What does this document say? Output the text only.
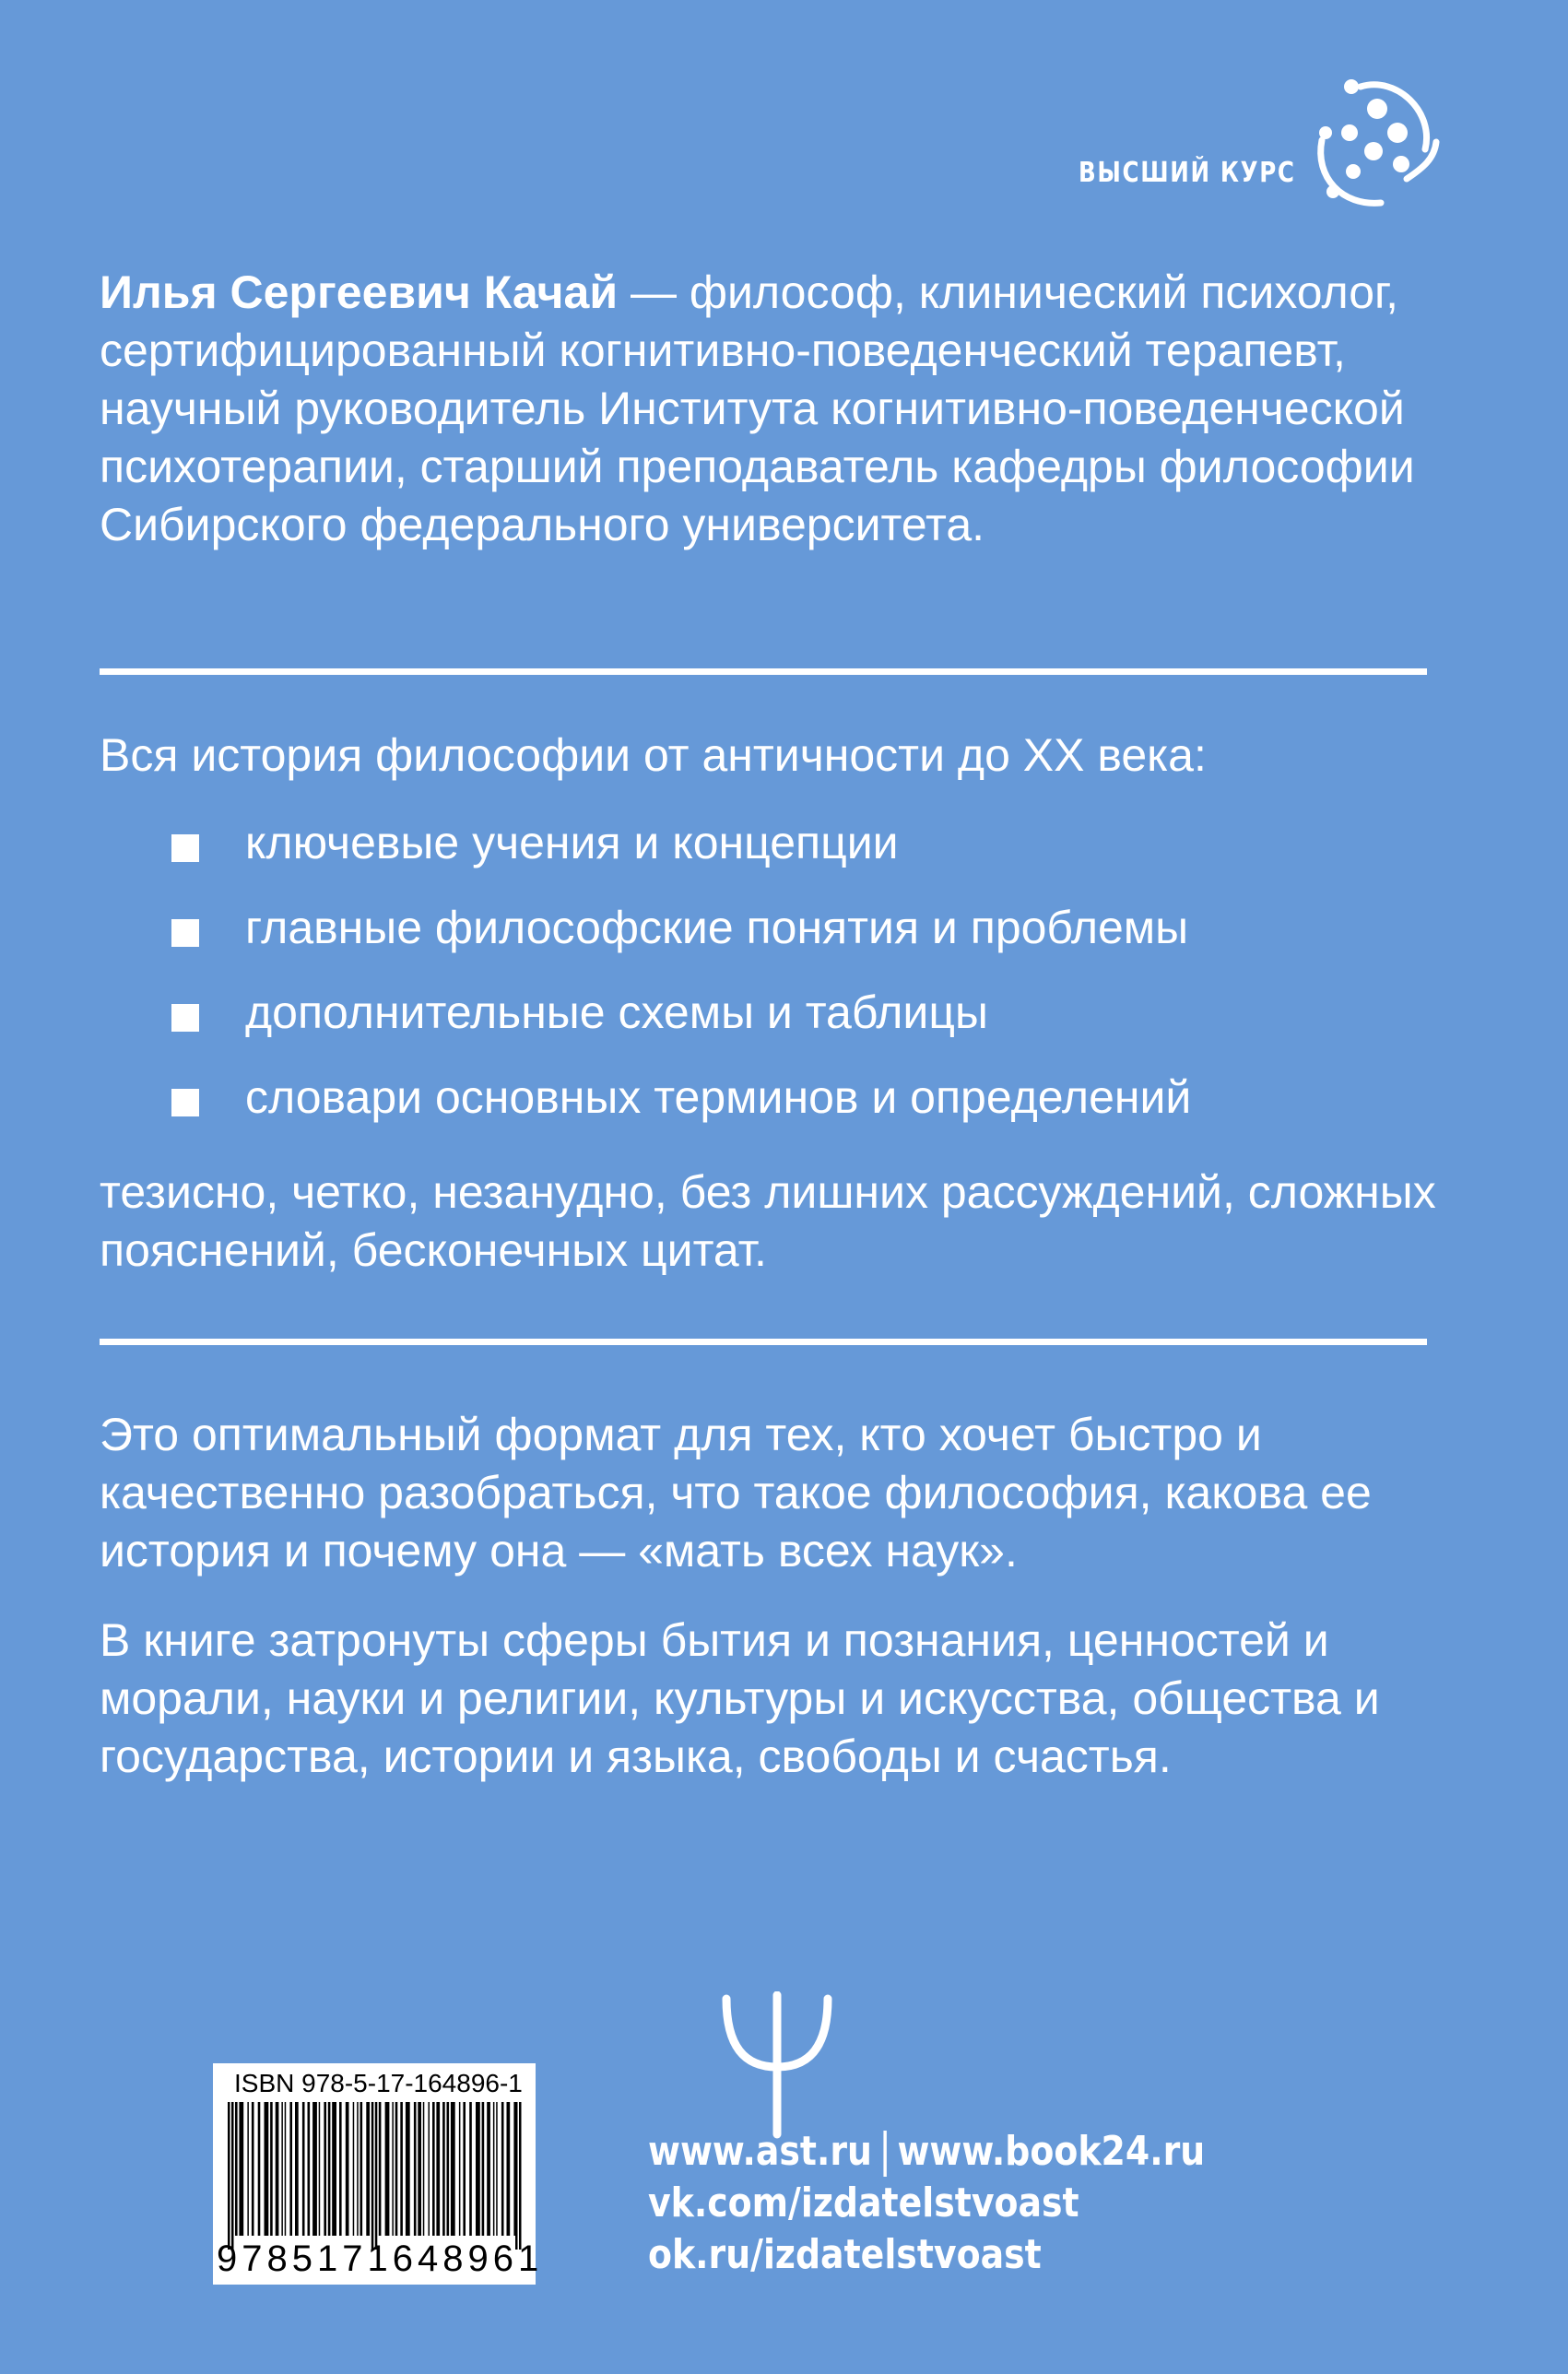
ВЫСШИЙ КУРС

Илья Сергеевич Качай — философ, клинический психолог, сертифицированный когнитивно-поведенческий терапевт, научный руководитель Института когнитивно-поведенческой психотерапии, старший преподаватель кафедры философии Сибирского федерального университета.

Вся история философии от античности до XX века:

ключевые учения и концепции
главные философские понятия и проблемы
дополнительные схемы и таблицы
словари основных терминов и определений

тезисно, четко, незанудно, без лишних рассуждений, сложных пояснений, бесконечных цитат.

Это оптимальный формат для тех, кто хочет быстро и качественно разобраться, что такое философия, какова ее история и почему она — «мать всех наук».

В книге затронуты сферы бытия и познания, ценностей и морали, науки и религии, культуры и искусства, общества и государства, истории и языка, свободы и счастья.

ISBN 978-5-17-164896-1
9785171648961
www.ast.ru www.book24.ru
vk.com/izdatelstvoast
ok.ru/izdatelstvoast
